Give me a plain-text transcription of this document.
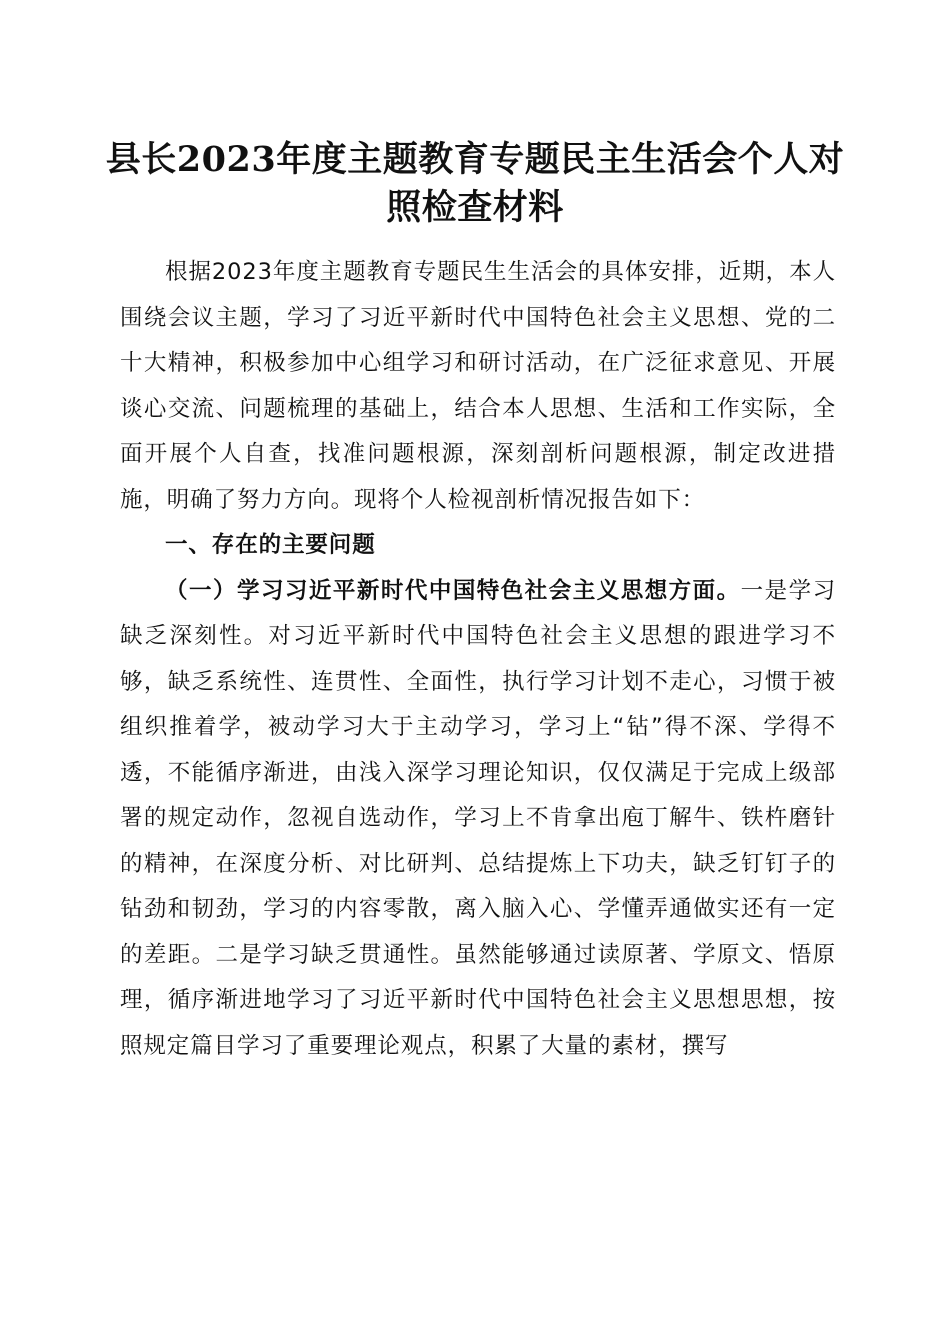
县长2023年度主题教育专题民主生活会个人对照检查材料

根据2023年度主题教育专题民生生活会的具体安排，近期，本人围绕会议主题，学习了习近平新时代中国特色社会主义思想、党的二十大精神，积极参加中心组学习和研讨活动，在广泛征求意见、开展谈心交流、问题梳理的基础上，结合本人思想、生活和工作实际，全面开展个人自查，找准问题根源，深刻剖析问题根源，制定改进措施，明确了努力方向。现将个人检视剖析情况报告如下：

一、存在的主要问题

（一）学习习近平新时代中国特色社会主义思想方面。一是学习缺乏深刻性。对习近平新时代中国特色社会主义思想的跟进学习不够，缺乏系统性、连贯性、全面性，执行学习计划不走心，习惯于被组织推着学，被动学习大于主动学习，学习上“钻”得不深、学得不透，不能循序渐进，由浅入深学习理论知识，仅仅满足于完成上级部署的规定动作，忽视自选动作，学习上不肯拿出庖丁解牛、铁杵磨针的精神，在深度分析、对比研判、总结提炼上下功夫，缺乏钉钉子的钻劲和韧劲，学习的内容零散，离入脑入心、学懂弄通做实还有一定的差距。二是学习缺乏贯通性。虽然能够通过读原著、学原文、悟原理，循序渐进地学习了习近平新时代中国特色社会主义思想思想，按照规定篇目学习了重要理论观点，积累了大量的素材，撰写
